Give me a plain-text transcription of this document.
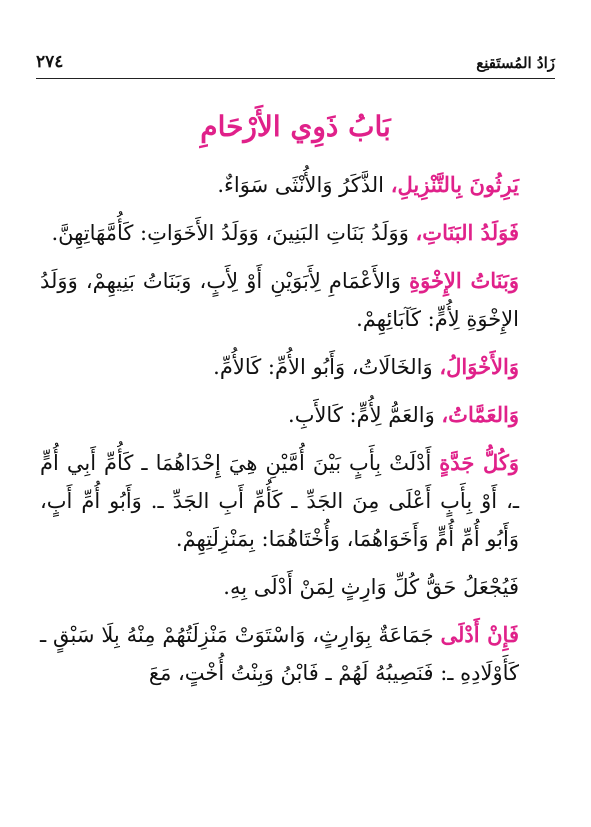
زَادُ المُستَقنِع
٢٧٤
بَابُ ذَوِي الأَرْحَامِ

يَرِثُونَ بِالتَّنْزِيلِ، الذَّكَرُ وَالأُنْثَى سَوَاءٌ.

فَوَلَدُ البَنَاتِ، وَوَلَدُ بَنَاتِ البَنِينَ، وَوَلَدُ الأَخَوَاتِ: كَأُمَّهَاتِهِنَّ.

وَبَنَاتُ الإِخْوَةِ وَالأَعْمَامِ لِأَبَوَيْنِ أَوْ لِأَبٍ، وَبَنَاتُ بَنِيهِمْ، وَوَلَدُ الإِخْوَةِ لِأُمٍّ: كَآبَائِهِمْ.

وَالأَخْوَالُ، وَالخَالَاتُ، وَأَبُو الأُمِّ: كَالأُمِّ.

وَالعَمَّاتُ، وَالعَمُّ لِأُمٍّ: كَالأَبِ.

وَكُلُّ جَدَّةٍ أَدْلَتْ بِأَبٍ بَيْنَ أُمَّيْنِ هِيَ إِحْدَاهُمَا ـ كَأُمِّ أَبِي أُمٍّ ـ، أَوْ بِأَبٍ أَعْلَى مِنَ الجَدِّ ـ كَأُمِّ أَبِ الجَدِّ ـ. وَأَبُو أُمِّ أَبٍ، وَأَبُو أُمِّ أُمٍّ وَأَخَوَاهُمَا، وَأُخْتَاهُمَا: بِمَنْزِلَتِهِمْ.

فَيُجْعَلُ حَقُّ كُلِّ وَارِثٍ لِمَنْ أَدْلَى بِهِ.

فَإِنْ أَدْلَى جَمَاعَةٌ بِوَارِثٍ، وَاسْتَوَتْ مَنْزِلَتُهُمْ مِنْهُ بِلَا سَبْقٍ ـ كَأَوْلَادِهِ ـ: فَنَصِيبُهُ لَهُمْ ـ فَابْنُ وَبِنْتُ أُخْتٍ، مَعَ
